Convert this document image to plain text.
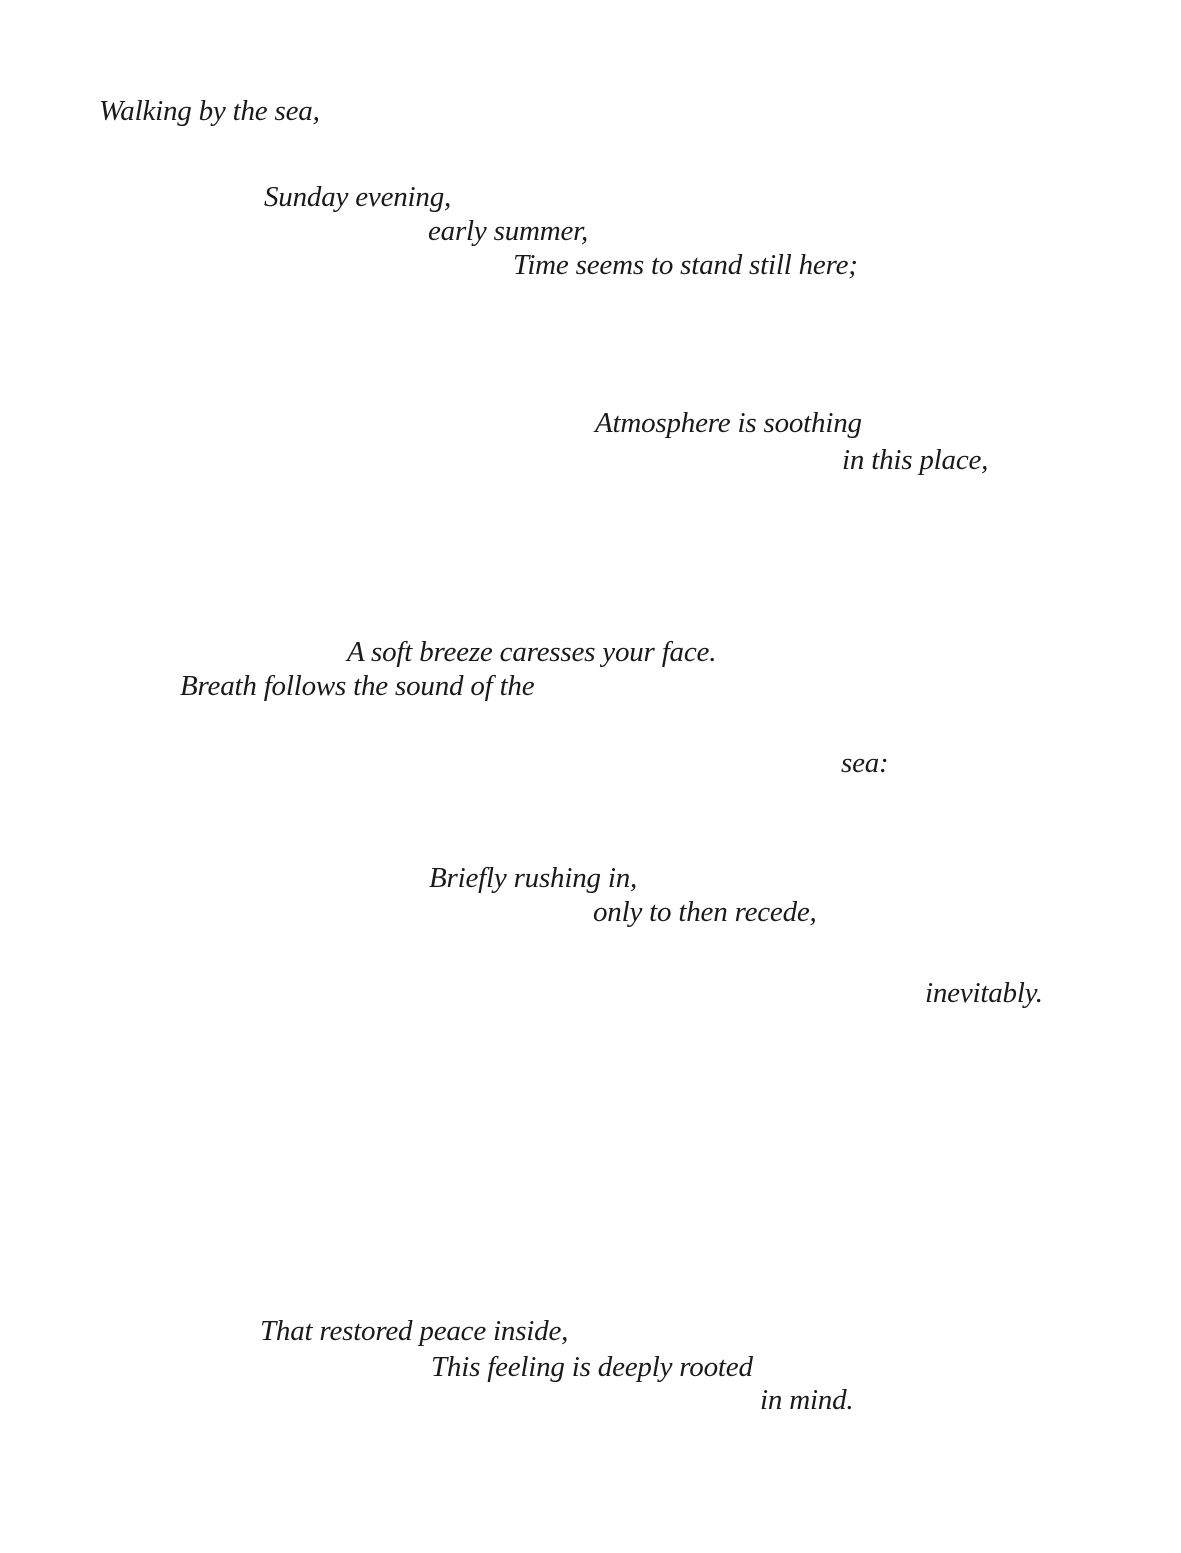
Walking by the sea,
Sunday evening,
early summer,
Time seems to stand still here;
Atmosphere is soothing
in this place,
A soft breeze caresses your face.
Breath follows the sound of the
sea:
Briefly rushing in,
only to then recede,
inevitably.
That restored peace inside,
This feeling is deeply rooted
in mind.
